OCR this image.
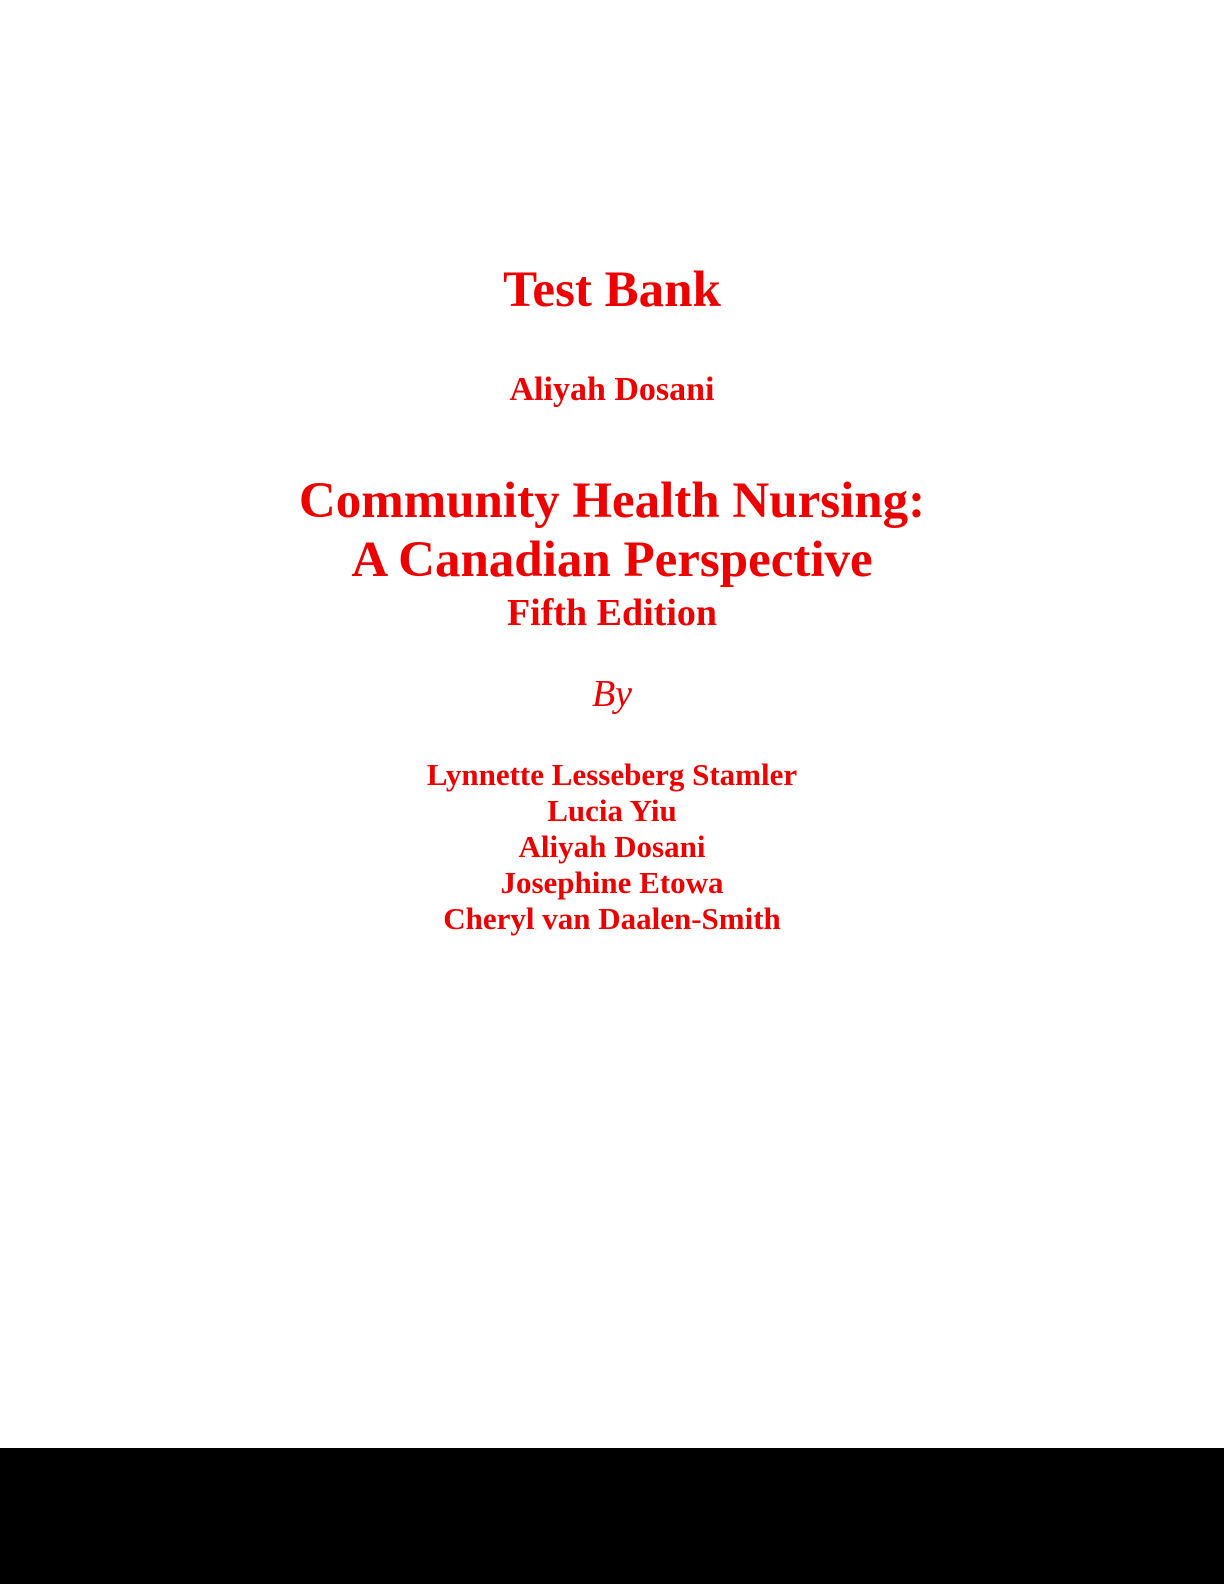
Test Bank
Aliyah Dosani
Community Health Nursing:
A Canadian Perspective
Fifth Edition
By
Lynnette Lesseberg Stamler
Lucia Yiu
Aliyah Dosani
Josephine Etowa
Cheryl van Daalen-Smith
